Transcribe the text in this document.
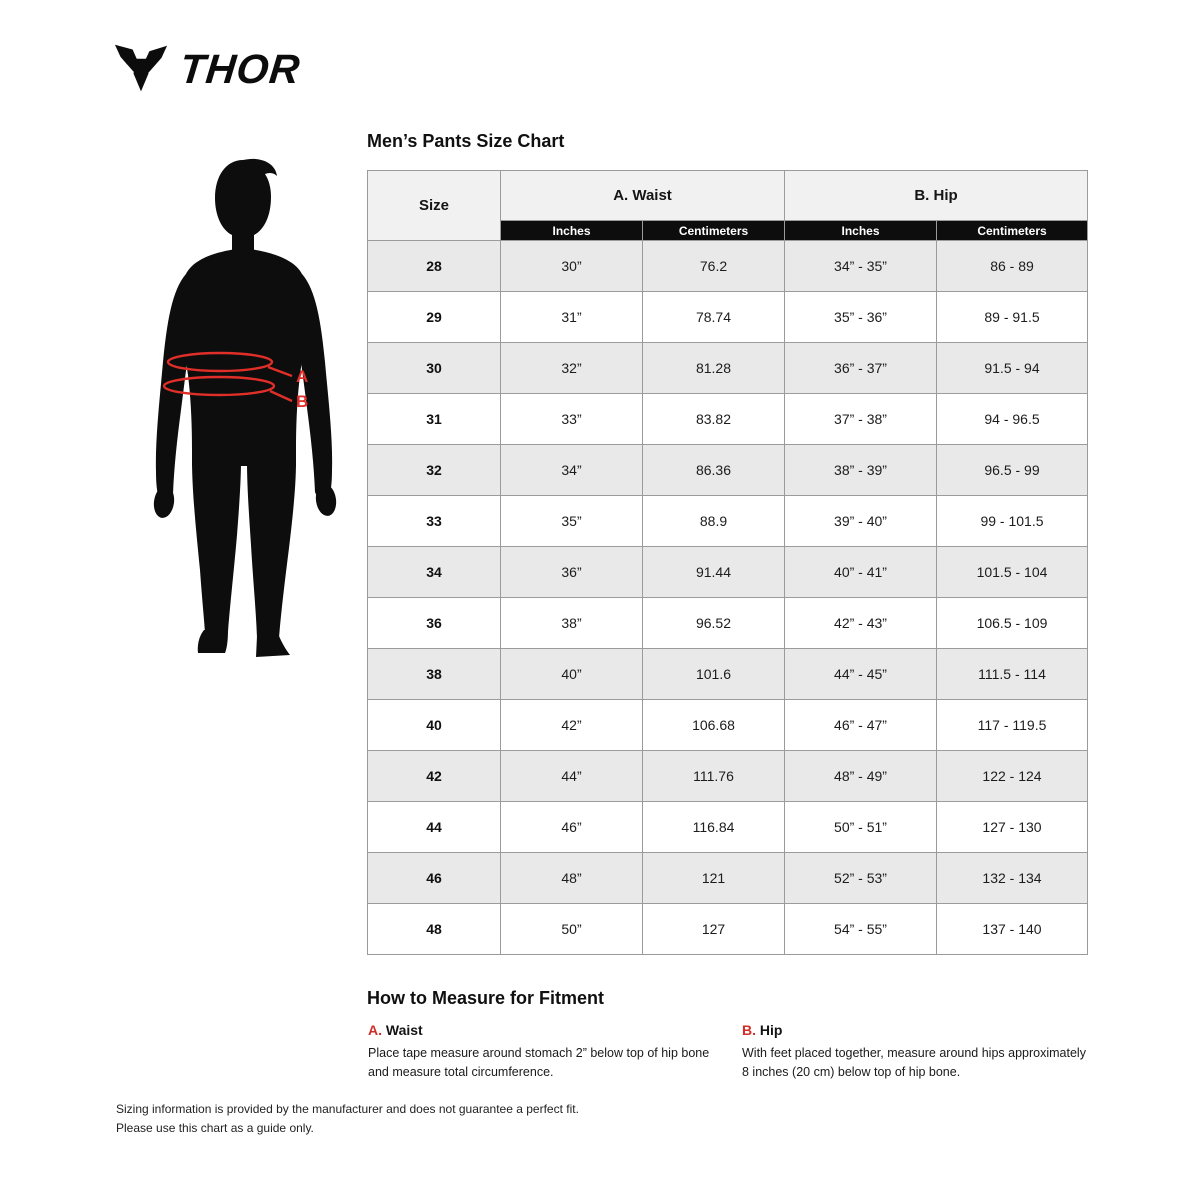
THOR
A
B
Men’s Pants Size Chart
Size
A. Waist	B. Hip
Inches	Centimeters	Inches	Centimeters
28	30”	76.2	34” - 35”	86 - 89
29	31”	78.74	35” - 36”	89 - 91.5
30	32”	81.28	36” - 37”	91.5 - 94
31	33”	83.82	37” - 38”	94 - 96.5
32	34”	86.36	38” - 39”	96.5 - 99
33	35”	88.9	39” - 40”	99 - 101.5
34	36”	91.44	40” - 41”	101.5 - 104
36	38”	96.52	42” - 43”	106.5 - 109
38	40”	101.6	44” - 45”	111.5 - 114
40	42”	106.68	46” - 47”	117 - 119.5
42	44”	111.76	48” - 49”	122 - 124
44	46”	116.84	50” - 51”	127 - 130
46	48”	121	52” - 53”	132 - 134
48	50”	127	54” - 55”	137 - 140
How to Measure for Fitment
A. Waist
Place tape measure around stomach 2” below top of hip bone and measure total circumference.
B. Hip
With feet placed together, measure around hips approximately 8 inches (20 cm) below top of hip bone.
Sizing information is provided by the manufacturer and does not guarantee a perfect fit.
Please use this chart as a guide only.
